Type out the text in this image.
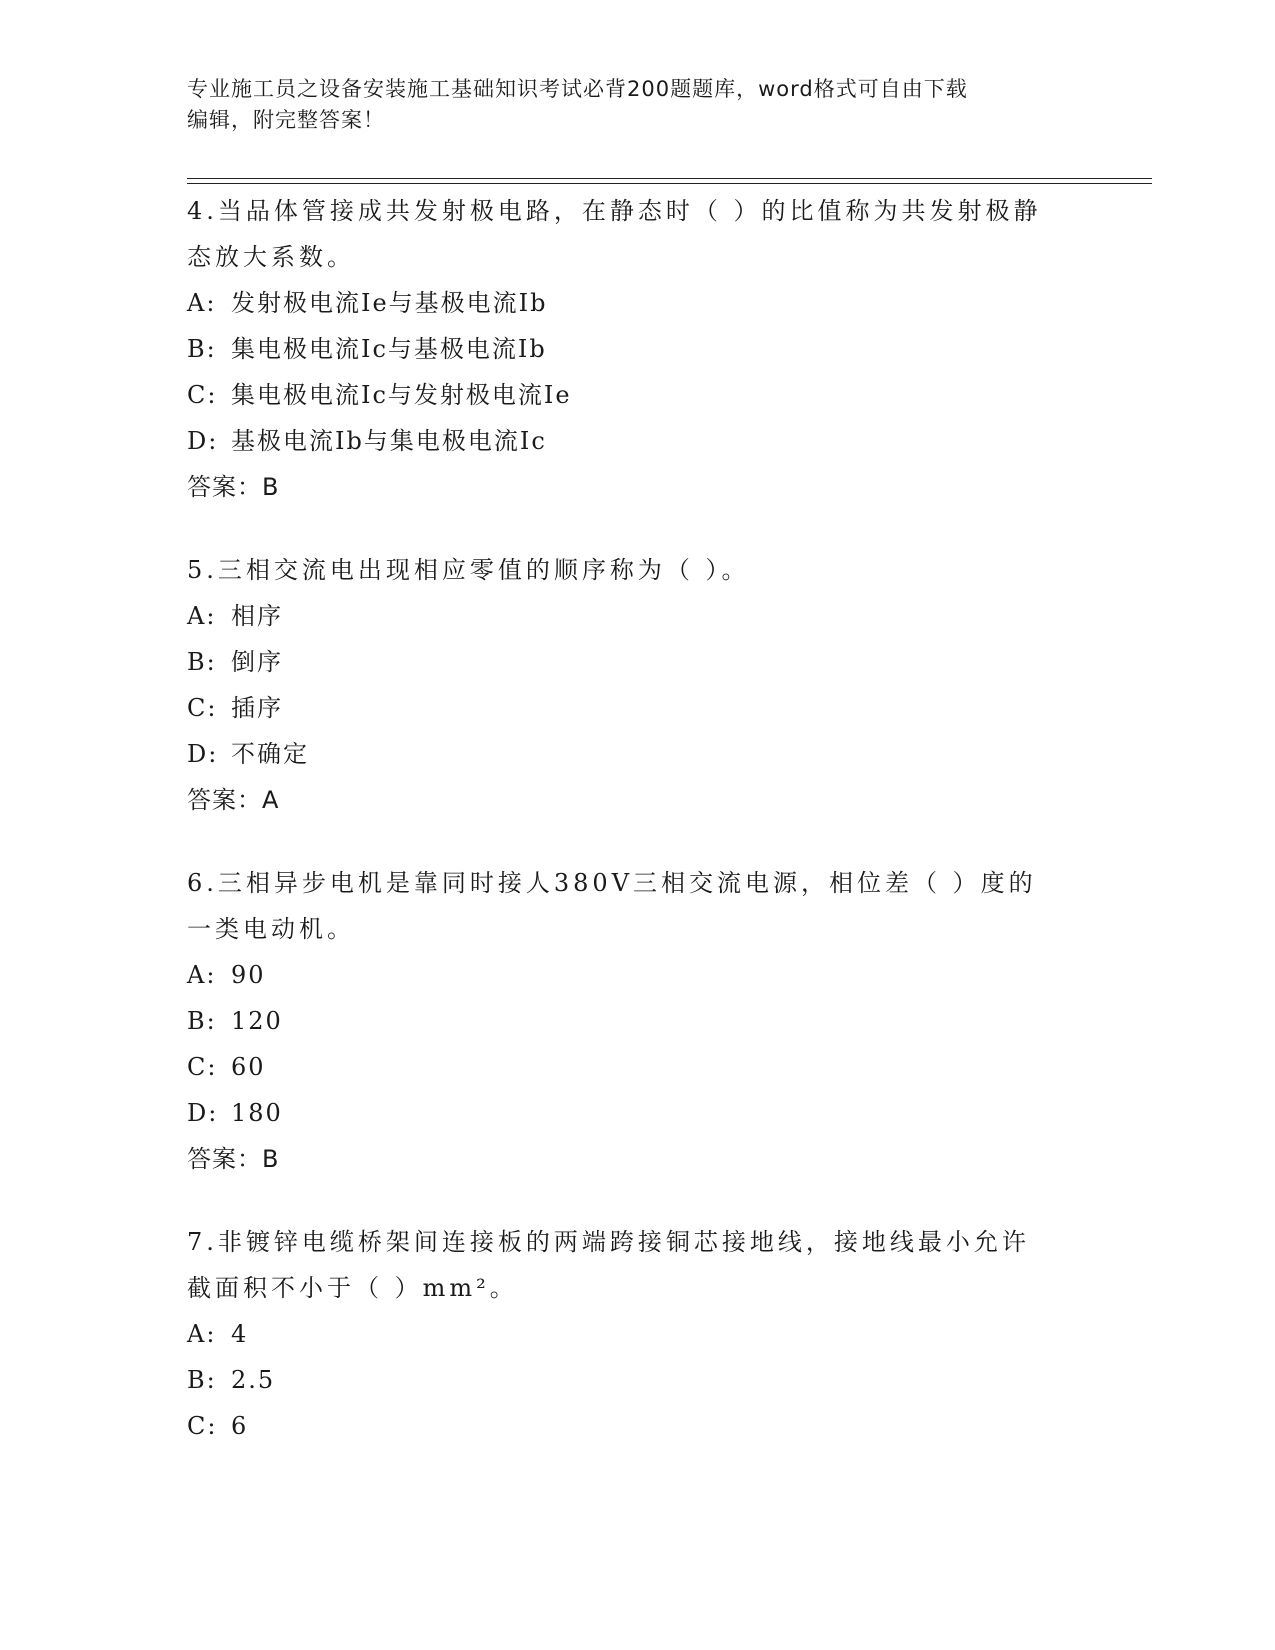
专业施工员之设备安装施工基础知识考试必背200题题库，word格式可自由下载
编辑，附完整答案！

4.当品体管接成共发射极电路，在静态时（ ）的比值称为共发射极静

态放大系数。

A: 发射极电流Ie与基极电流Ib

B: 集电极电流Ic与基极电流Ib

C: 集电极电流Ic与发射极电流Ie

D: 基极电流Ib与集电极电流Ic

答案：B

5.三相交流电出现相应零值的顺序称为（ ）。

A: 相序

B: 倒序

C: 插序

D: 不确定

答案：A

6.三相异步电机是靠同时接人380V三相交流电源，相位差（ ）度的

一类电动机。

A: 90

B: 120

C: 60

D: 180

答案：B

7.非镀锌电缆桥架间连接板的两端跨接铜芯接地线，接地线最小允许

截面积不小于（ ）mm²。

A: 4

B: 2.5

C: 6
